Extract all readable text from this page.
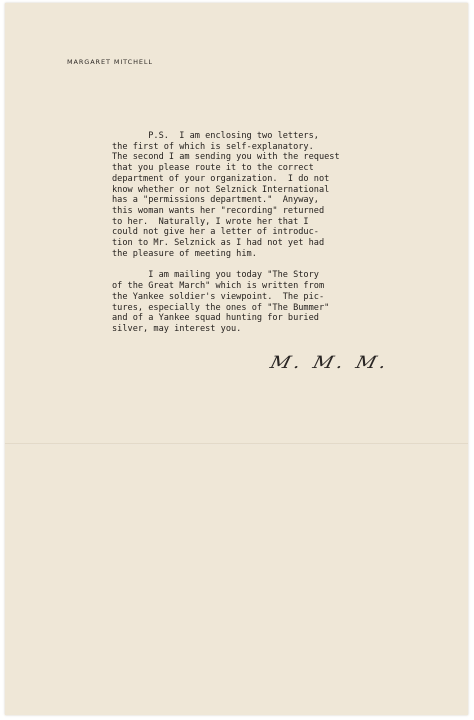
MARGARET MITCHELL
P.S.  I am enclosing two letters,
the first of which is self-explanatory.
The second I am sending you with the request
that you please route it to the correct
department of your organization.  I do not
know whether or not Selznick International
has a "permissions department."  Anyway,
this woman wants her "recording" returned
to her.  Naturally, I wrote her that I
could not give her a letter of introduc-
tion to Mr. Selznick as I had not yet had
the pleasure of meeting him.
I am mailing you today "The Story
of the Great March" which is written from
the Yankee soldier's viewpoint.  The pic-
tures, especially the ones of "The Bummer"
and of a Yankee squad hunting for buried
silver, may interest you.
M. M. M.
